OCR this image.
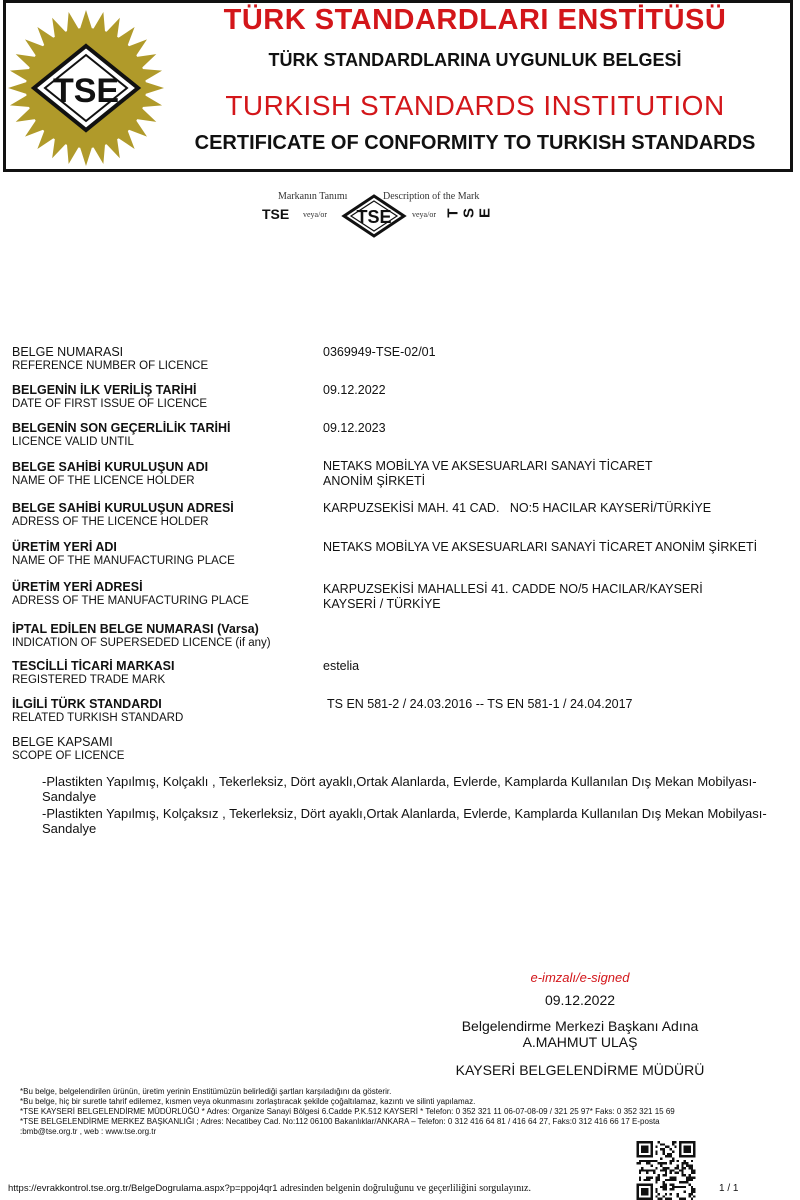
TSE
TÜRK STANDARDLARI ENSTİTÜSÜ
TÜRK STANDARDLARINA UYGUNLUK BELGESİ
TURKISH STANDARDS INSTITUTION
CERTIFICATE OF CONFORMITY TO TURKISH STANDARDS
Markanın Tanımı	Description of the Mark
TSE veya/or TSE	veya/or T S E
BELGE NUMARASI
REFERENCE NUMBER OF LICENCE
0369949-TSE-02/01
BELGENİN İLK VERİLİŞ TARİHİ
DATE OF FIRST ISSUE OF LICENCE
09.12.2022
BELGENİN SON GEÇERLİLİK TARİHİ
LICENCE VALID UNTIL
09.12.2023
BELGE SAHİBİ KURULUŞUN ADI
NAME OF THE LICENCE HOLDER
NETAKS MOBİLYA VE AKSESUARLARI SANAYİ TİCARET ANONİM ŞİRKETİ
BELGE SAHİBİ KURULUŞUN ADRESİ
ADRESS OF THE LICENCE HOLDER
KARPUZSEKİSİ MAH. 41 CAD.   NO:5 HACILAR KAYSERİ/TÜRKİYE
ÜRETİM YERİ ADI
NAME OF THE MANUFACTURING PLACE
NETAKS MOBİLYA VE AKSESUARLARI SANAYİ TİCARET ANONİM ŞİRKETİ
ÜRETİM YERİ ADRESİ
ADRESS OF THE MANUFACTURING PLACE
KARPUZSEKİSİ MAHALLESİ 41. CADDE NO/5 HACILAR/KAYSERİ KAYSERİ / TÜRKİYE
İPTAL EDİLEN BELGE NUMARASI (Varsa)
INDICATION OF SUPERSEDED LICENCE (if any)
TESCİLLİ TİCARİ MARKASI
REGISTERED TRADE MARK
estelia
İLGİLİ TÜRK STANDARDI
RELATED TURKISH STANDARD
TS EN 581-2 / 24.03.2016 -- TS EN 581-1 / 24.04.2017
BELGE KAPSAMI
SCOPE OF LICENCE
-Plastikten Yapılmış, Kolçaklı , Tekerleksiz, Dört ayaklı,Ortak Alanlarda, Evlerde, Kamplarda Kullanılan Dış Mekan Mobilyası- Sandalye
-Plastikten Yapılmış, Kolçaksız , Tekerleksiz, Dört ayaklı,Ortak Alanlarda, Evlerde, Kamplarda Kullanılan Dış Mekan Mobilyası- Sandalye
e-imzalı/e-signed
09.12.2022
Belgelendirme Merkezi Başkanı Adına
A.MAHMUT ULAŞ
KAYSERİ BELGELENDİRME MÜDÜRÜ
*Bu belge, belgelendirilen ürünün, üretim yerinin Enstitümüzün belirlediği şartları karşıladığını da gösterir.
*Bu belge, hiç bir suretle tahrif edilemez, kısmen veya okunmasını zorlaştıracak şekilde çoğaltılamaz, kazıntı ve silinti yapılamaz.
*TSE KAYSERİ BELGELENDİRME MÜDÜRLÜĞÜ * Adres: Organize Sanayi Bölgesi 6.Cadde P.K.512 KAYSERİ * Telefon: 0 352 321 11 06-07-08-09 / 321 25 97* Faks: 0 352 321 15 69
*TSE BELGELENDİRME MERKEZ BAŞKANLIĞI ; Adres: Necatibey Cad. No:112 06100 Bakanlıklar/ANKARA – Telefon: 0 312 416 64 81 / 416 64 27, Faks:0 312 416 66 17 E-posta
:bmb@tse.org.tr , web : www.tse.org.tr
https://evrakkontrol.tse.org.tr/BelgeDogrulama.aspx?p=ppoj4qr1 adresinden belgenin doğruluğunu ve geçerliliğini sorgulayınız.	1 / 1
